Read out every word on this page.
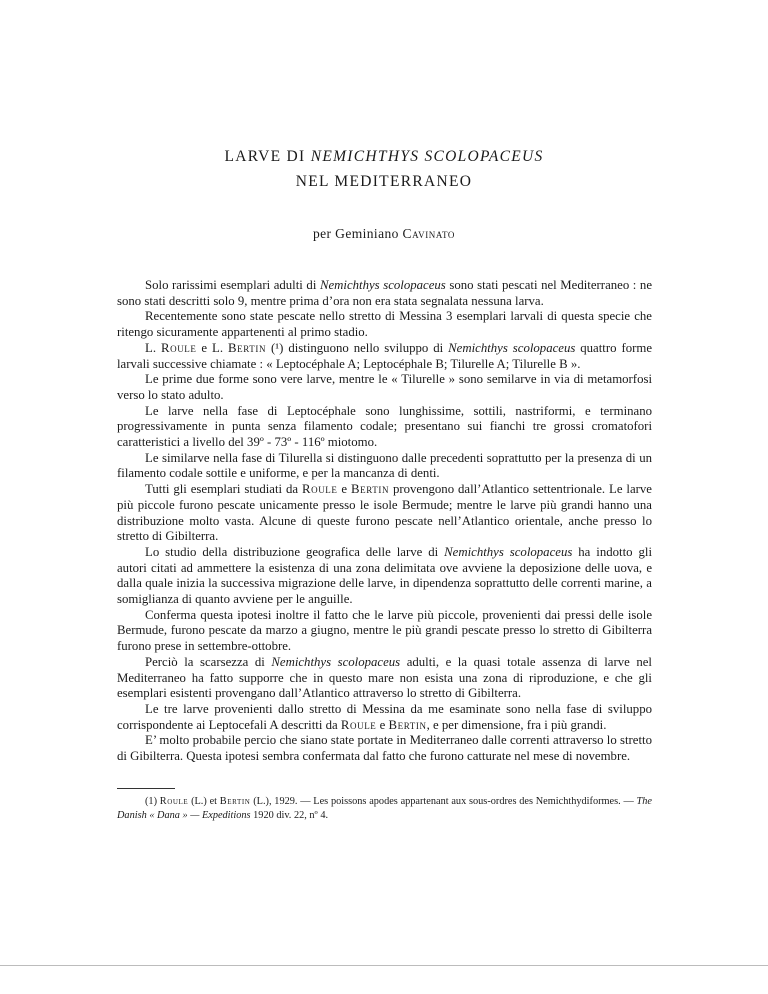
LARVE DI NEMICHTHYS SCOLOPACEUS
NEL MEDITERRANEO
per Geminiano Cavinato

Solo rarissimi esemplari adulti di Nemichthys scolopaceus sono stati pescati nel Mediterraneo : ne sono stati descritti solo 9, mentre prima d’ora non era stata segnalata nessuna larva.

Recentemente sono state pescate nello stretto di Messina 3 esemplari larvali di questa specie che ritengo sicuramente appartenenti al primo stadio.

L. Roule e L. Bertin (¹) distinguono nello sviluppo di Nemichthys scolopaceus quattro forme larvali successive chiamate : « Leptocéphale A; Leptocéphale B; Tilurelle A; Tilurelle B ».

Le prime due forme sono vere larve, mentre le « Tilurelle » sono semilarve in via di metamorfosi verso lo stato adulto.

Le larve nella fase di Leptocéphale sono lunghissime, sottili, nastriformi, e terminano progressivamente in punta senza filamento codale; presentano sui fianchi tre grossi cromatofori caratteristici a livello del 39º - 73º - 116º miotomo.

Le similarve nella fase di Tilurella si distinguono dalle precedenti soprattutto per la presenza di un filamento codale sottile e uniforme, e per la mancanza di denti.

Tutti gli esemplari studiati da Roule e Bertin provengono dall’Atlantico settentrionale. Le larve più piccole furono pescate unicamente presso le isole Bermude; mentre le larve più grandi hanno una distribuzione molto vasta. Alcune di queste furono pescate nell’Atlantico orientale, anche presso lo stretto di Gibilterra.

Lo studio della distribuzione geografica delle larve di Nemichthys scolopaceus ha indotto gli autori citati ad ammettere la esistenza di una zona delimitata ove avviene la deposizione delle uova, e dalla quale inizia la successiva migrazione delle larve, in dipendenza soprattutto delle correnti marine, a somiglianza di quanto avviene per le anguille.

Conferma questa ipotesi inoltre il fatto che le larve più piccole, provenienti dai pressi delle isole Bermude, furono pescate da marzo a giugno, mentre le più grandi pescate presso lo stretto di Gibilterra furono prese in settembre-ottobre.

Perciò la scarsezza di Nemichthys scolopaceus adulti, e la quasi totale assenza di larve nel Mediterraneo ha fatto supporre che in questo mare non esista una zona di riproduzione, e che gli esemplari esistenti provengano dall’Atlantico attraverso lo stretto di Gibilterra.

Le tre larve provenienti dallo stretto di Messina da me esaminate sono nella fase di sviluppo corrispondente ai Leptocefali A descritti da Roule e Bertin, e per dimensione, fra i più grandi.

E’ molto probabile percio che siano state portate in Mediterraneo dalle correnti attraverso lo stretto di Gibilterra. Questa ipotesi sembra confermata dal fatto che furono catturate nel mese di novembre.

(1) Roule (L.) et Bertin (L.), 1929. — Les poissons apodes appartenant aux sous-ordres des Nemichthydiformes. — The Danish « Dana » — Expeditions 1920 div. 22, nº 4.
